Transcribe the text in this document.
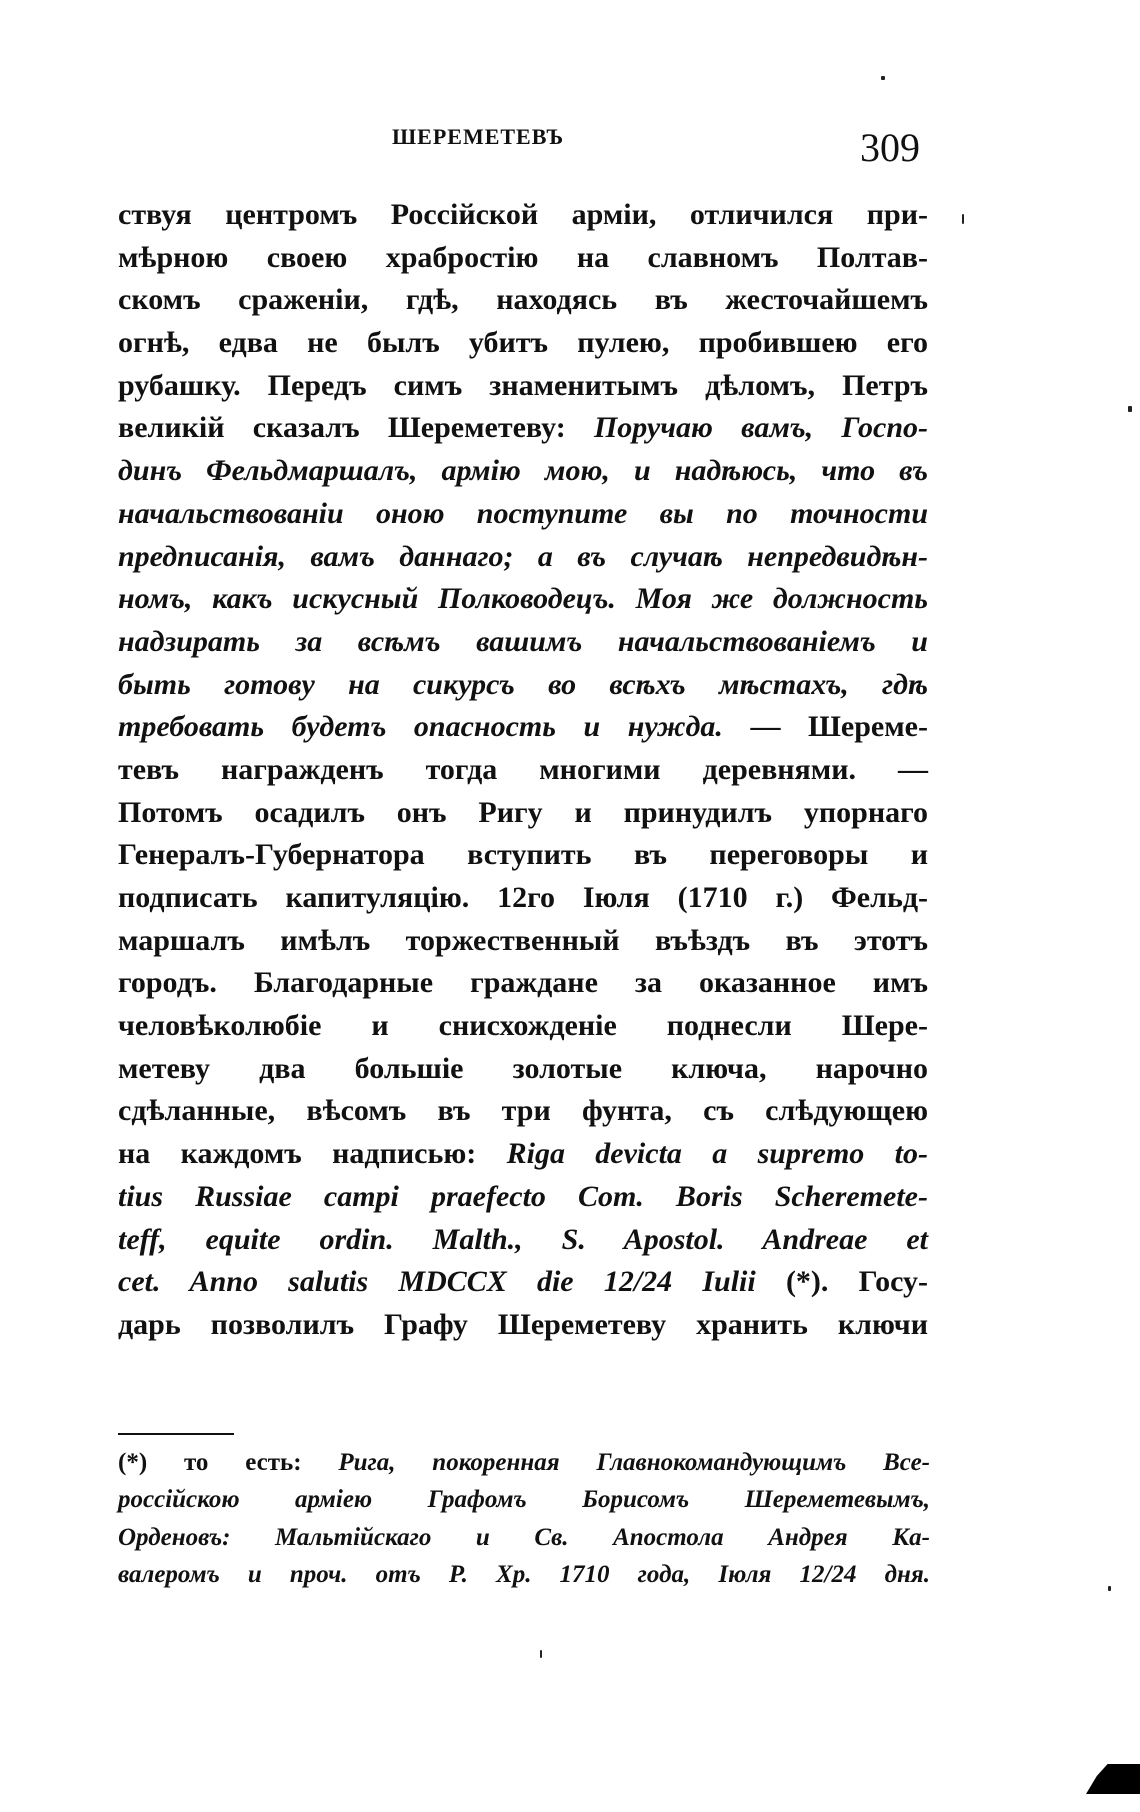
ШЕРЕМЕТЕВЪ	309
ствуя центромъ Россійской арміи, отличился при-
мѣрною своею храбростію на славномъ Полтав-
скомъ сраженіи, гдѣ, находясь въ жесточайшемъ
огнѣ, едва не былъ убитъ пулею, пробившею его
рубашку. Передъ симъ знаменитымъ дѣломъ, Петръ
великій сказалъ Шереметеву: Поручаю вамъ, Госпо-
динъ Фельдмаршалъ, армію мою, и надѣюсь, что въ
начальствованіи оною поступите вы по точности
предписанія, вамъ даннаго; а въ случаѣ непредвидѣн-
номъ, какъ искусный Полководецъ. Моя же должность
надзирать за всѣмъ вашимъ начальствованіемъ и
быть готову на сикурсъ во всѣхъ мѣстахъ, гдѣ
требовать будетъ опасность и нужда. — Шереме-
тевъ награжденъ тогда многими деревнями. —
Потомъ осадилъ онъ Ригу и принудилъ упорнаго
Генералъ-Губернатора вступить въ переговоры и
подписать капитуляцію. 12го Іюля (1710 г.) Фельд-
маршалъ имѣлъ торжественный въѣздъ въ этотъ
городъ. Благодарные граждане за оказанное имъ
человѣколюбіе и снисхожденіе поднесли Шере-
метеву два большіе золотые ключа, нарочно
сдѣланные, вѣсомъ въ три фунта, съ слѣдующею
на каждомъ надписью: Riga devicta a supremo to-
tius Russiae campi praefecto Com. Boris Scheremete-
teff, equite ordin. Malth., S. Apostol. Andreae et
cet. Anno salutis MDCCX die 12/24 Iulii (*). Госу-
дарь позволилъ Графу Шереметеву хранить ключи
(*) то есть: Рига, покоренная Главнокомандующимъ Все-
россійскою арміею Графомъ Борисомъ Шереметевымъ,
Орденовъ: Мальтійскаго и Св. Апостола Андрея Ка-
валеромъ и проч. отъ Р. Хр. 1710 года, Іюля 12/24 дня.
